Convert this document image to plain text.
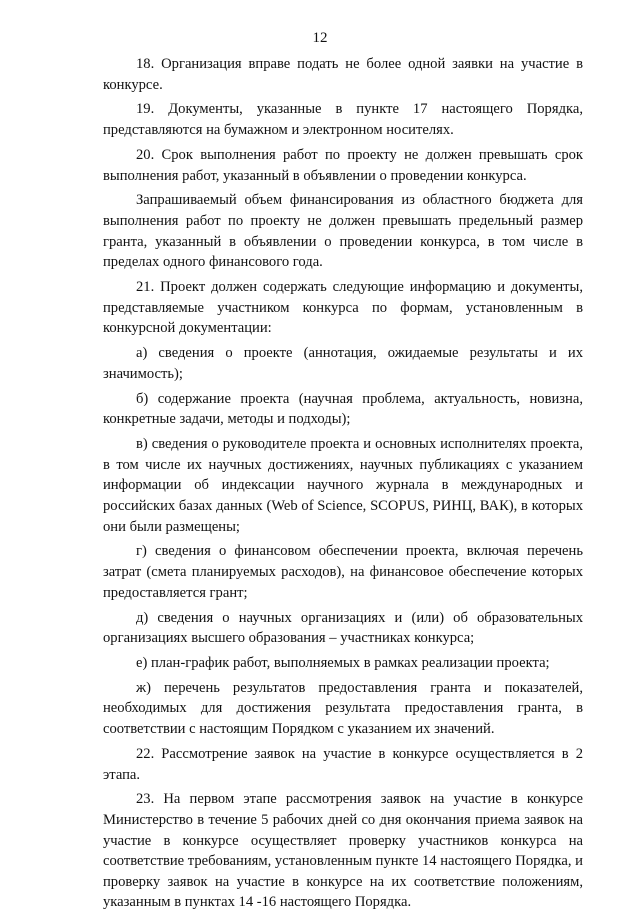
12

18. Организация вправе подать не более одной заявки на участие в конкурсе.

19. Документы, указанные в пункте 17 настоящего Порядка, представляются на бумажном и электронном носителях.

20. Срок выполнения работ по проекту не должен превышать срок выполнения работ, указанный в объявлении о проведении конкурса.

Запрашиваемый объем финансирования из областного бюджета для выполнения работ по проекту не должен превышать предельный размер гранта, указанный в объявлении о проведении конкурса, в том числе в пределах одного финансового года.

21. Проект должен содержать следующие информацию и документы, представляемые участником конкурса по формам, установленным в конкурсной документации:

а) сведения о проекте (аннотация, ожидаемые результаты и их значимость);

б) содержание проекта (научная проблема, актуальность, новизна, конкретные задачи, методы и подходы);

в) сведения о руководителе проекта и основных исполнителях проекта, в том числе их научных достижениях, научных публикациях с указанием информации об индексации научного журнала в международных и российских базах данных (Web of Science, SCOPUS, РИНЦ, ВАК), в которых они были размещены;

г) сведения о финансовом обеспечении проекта, включая перечень затрат (смета планируемых расходов), на финансовое обеспечение которых предоставляется грант;

д) сведения о научных организациях и (или) об образовательных организациях высшего образования – участниках конкурса;

е) план-график работ, выполняемых в рамках реализации проекта;

ж) перечень результатов предоставления гранта и показателей, необходимых для достижения результата предоставления гранта, в соответствии с настоящим Порядком с указанием их значений.

22. Рассмотрение заявок на участие в конкурсе осуществляется в 2 этапа.

23. На первом этапе рассмотрения заявок на участие в конкурсе Министерство в течение 5 рабочих дней со дня окончания приема заявок на участие в конкурсе осуществляет проверку участников конкурса на соответствие требованиям, установленным пункте 14 настоящего Порядка, и проверку заявок на участие в конкурсе на их соответствие положениям, указанным в пунктах 14 -16 настоящего Порядка.
